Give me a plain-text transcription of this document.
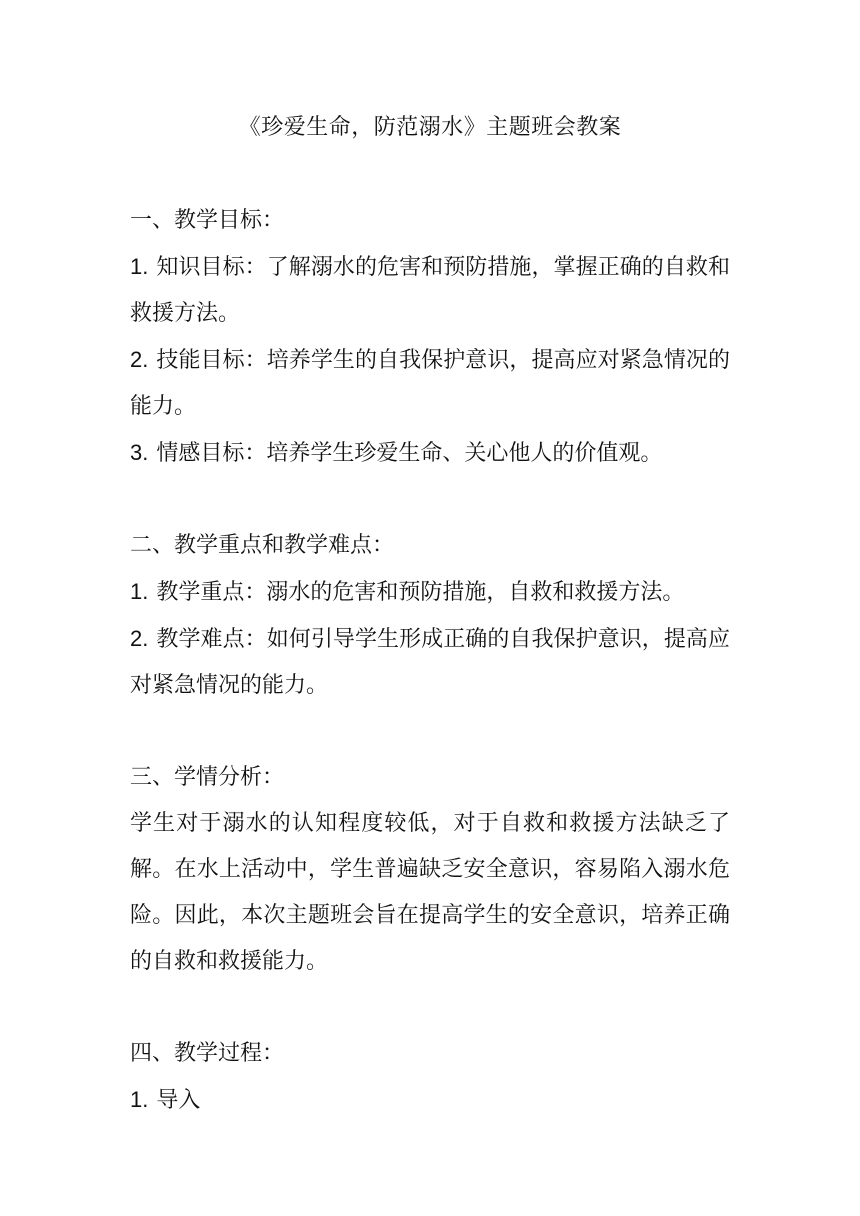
《珍爱生命，防范溺水》主题班会教案

一、教学目标：

1. 知识目标：了解溺水的危害和预防措施，掌握正确的自救和救援方法。

2. 技能目标：培养学生的自我保护意识，提高应对紧急情况的能力。

3. 情感目标：培养学生珍爱生命、关心他人的价值观。

二、教学重点和教学难点：

1. 教学重点：溺水的危害和预防措施，自救和救援方法。

2. 教学难点：如何引导学生形成正确的自我保护意识，提高应对紧急情况的能力。

三、学情分析：

学生对于溺水的认知程度较低，对于自救和救援方法缺乏了解。在水上活动中，学生普遍缺乏安全意识，容易陷入溺水危险。因此，本次主题班会旨在提高学生的安全意识，培养正确的自救和救援能力。

四、教学过程：

1. 导入
